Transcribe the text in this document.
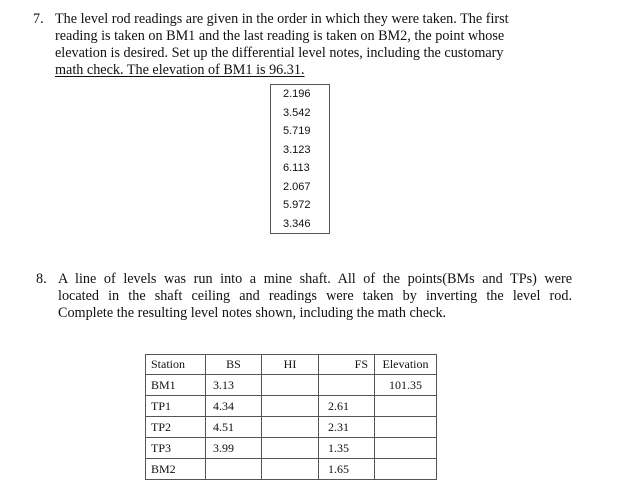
7. The level rod readings are given in the order in which they were taken. The first
reading is taken on BM1 and the last reading is taken on BM2, the point whose
elevation is desired. Set up the differential level notes, including the customary
math check. The elevation of BM1 is 96.31.
2.196
3.542
5.719
3.123
6.113
2.067
5.972
3.346
8. A line of levels was run into a mine shaft. All of the points(BMs and TPs) were
located in the shaft ceiling and readings were taken by inverting the level rod.
Complete the resulting level notes shown, including the math check.
Station	BS	HI	FS	Elevation
BM1	3.13			101.35
TP1	4.34		2.61	
TP2	4.51		2.31	
TP3	3.99		1.35	
BM2			1.65	
